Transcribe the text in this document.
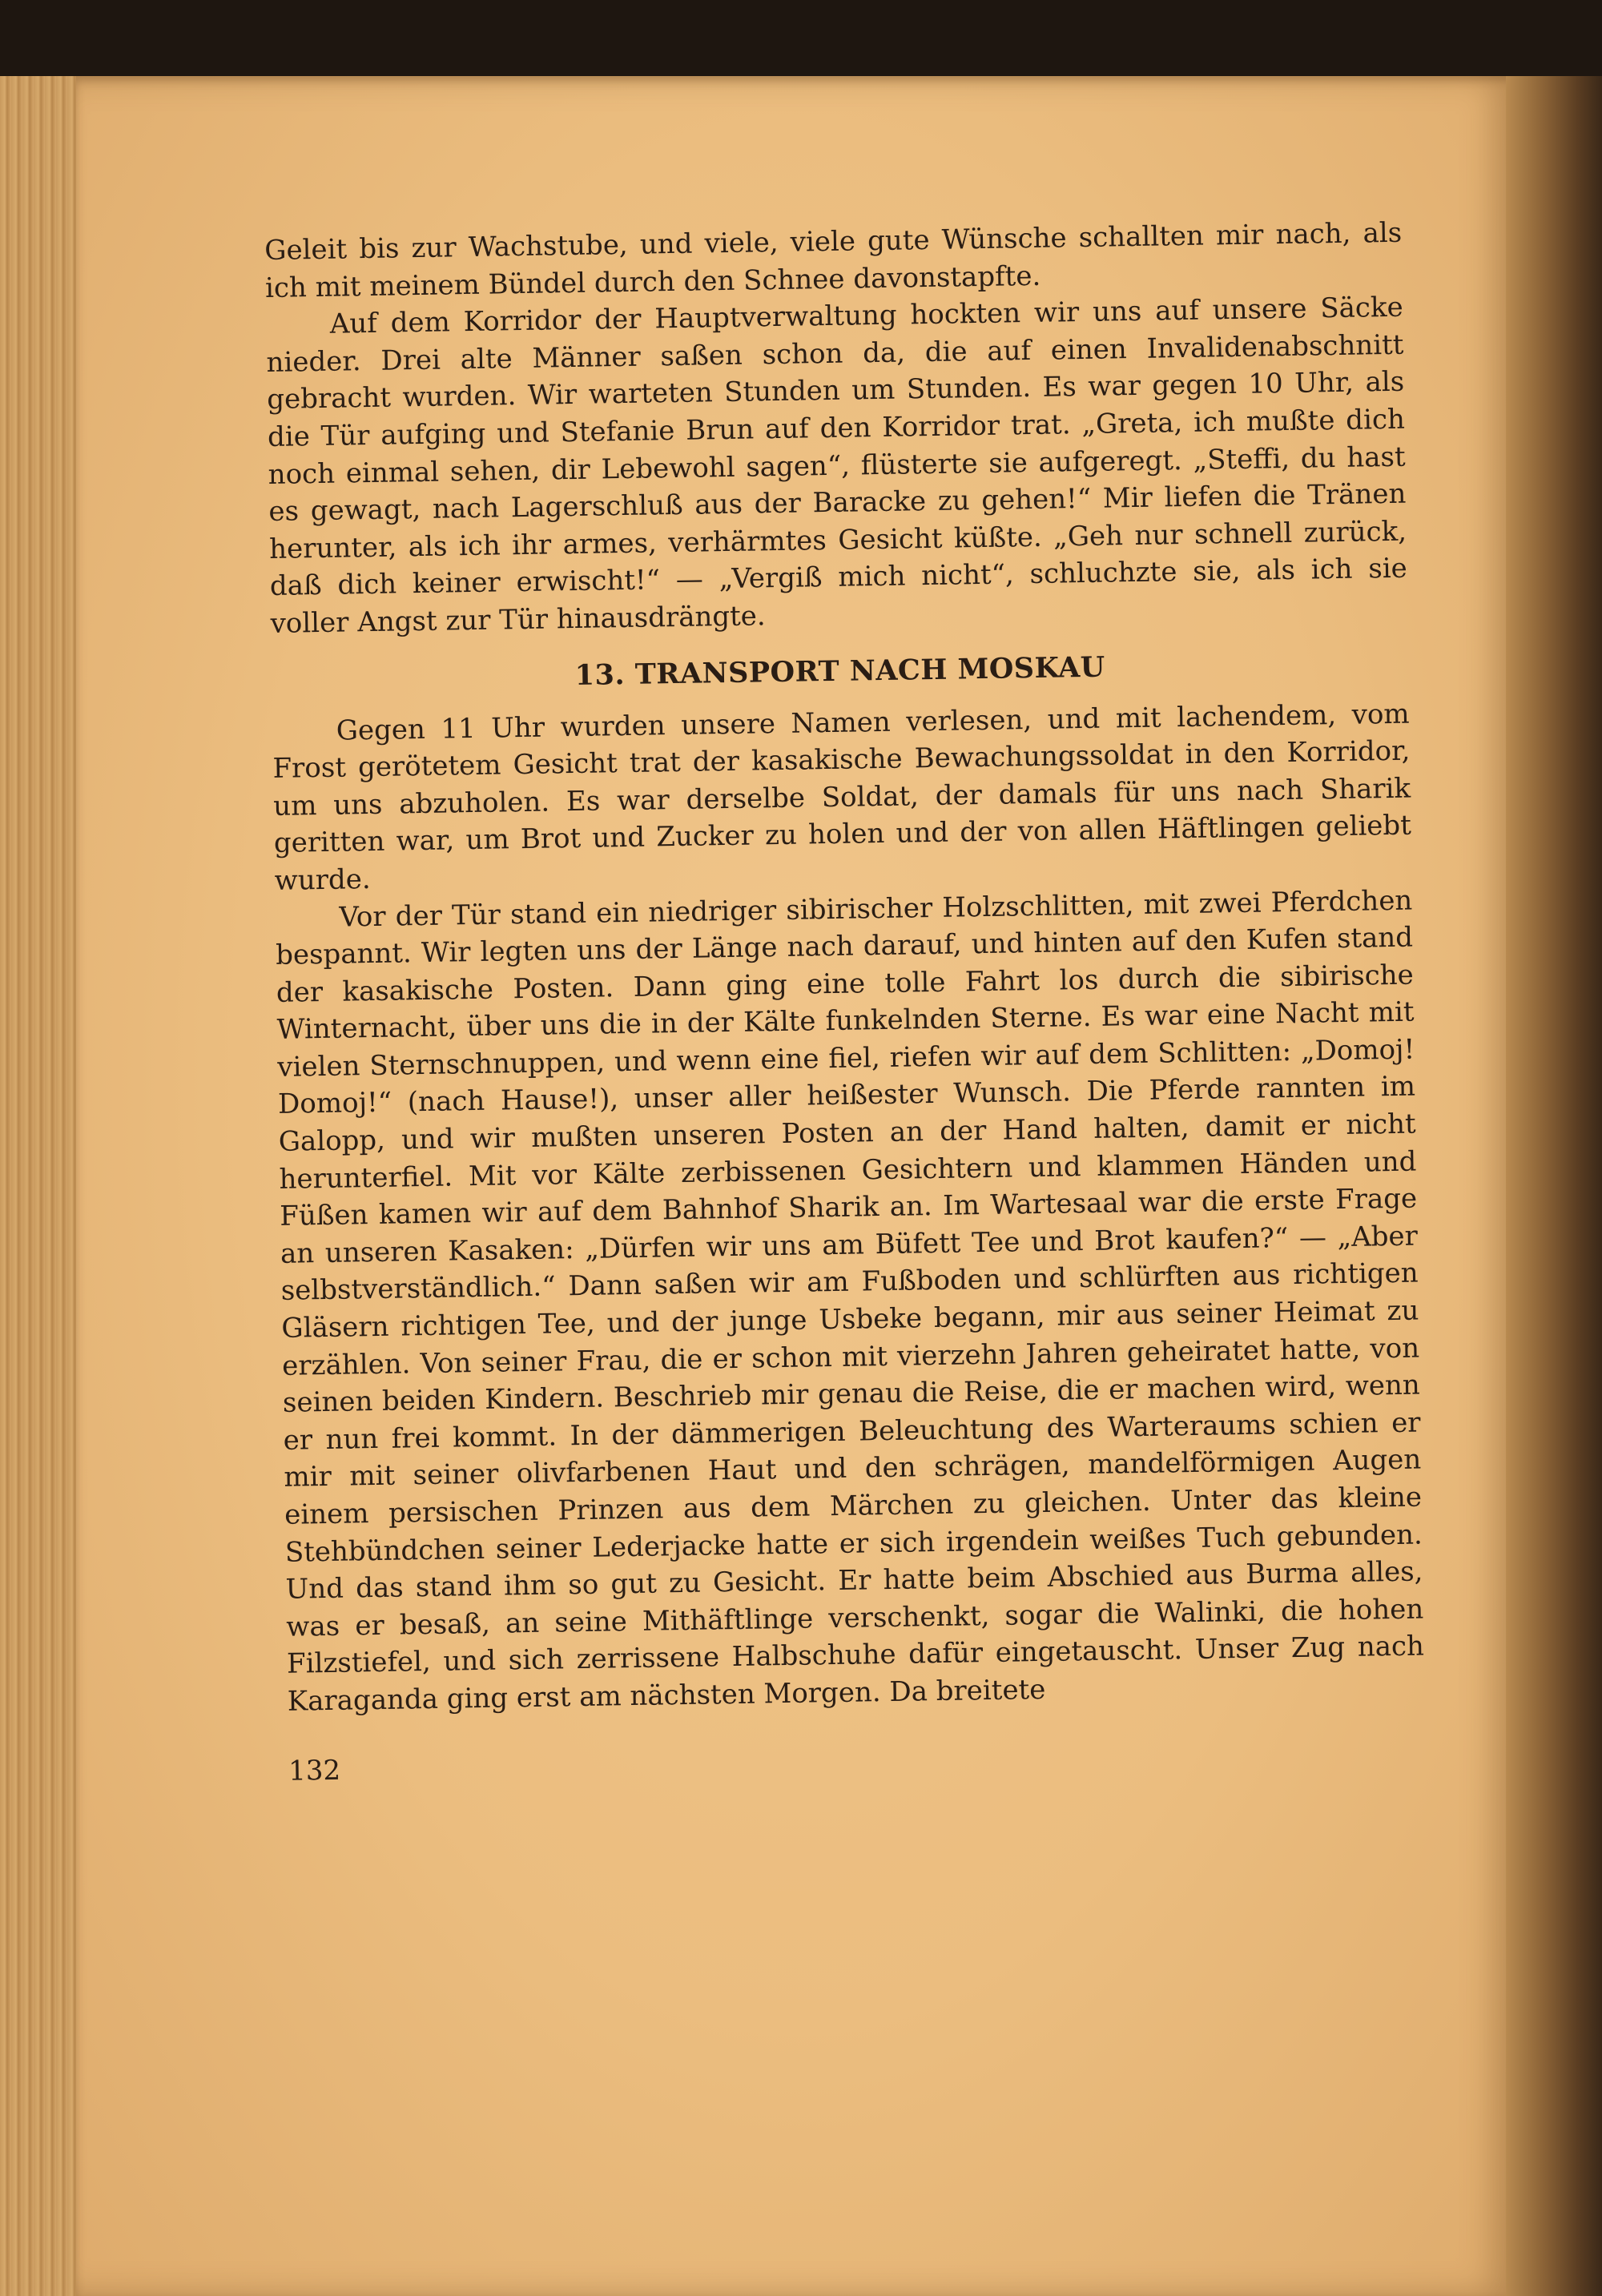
Geleit bis zur Wachstube, und viele, viele gute Wünsche schallten mir nach, als ich mit meinem Bündel durch den Schnee davonstapfte.

Auf dem Korridor der Hauptverwaltung hockten wir uns auf unsere Säcke nieder. Drei alte Männer saßen schon da, die auf einen Invalidenabschnitt gebracht wurden. Wir warteten Stunden um Stunden. Es war gegen 10 Uhr, als die Tür aufging und Stefanie Brun auf den Korridor trat. „Greta, ich mußte dich noch einmal sehen, dir Lebewohl sagen“, flüsterte sie aufgeregt. „Steffi, du hast es gewagt, nach Lagerschluß aus der Baracke zu gehen!“ Mir liefen die Tränen herunter, als ich ihr armes, verhärmtes Gesicht küßte. „Geh nur schnell zurück, daß dich keiner erwischt!“ — „Vergiß mich nicht“, schluchzte sie, als ich sie voller Angst zur Tür hinausdrängte.

13. TRANSPORT NACH MOSKAU

Gegen 11 Uhr wurden unsere Namen verlesen, und mit lachendem, vom Frost gerötetem Gesicht trat der kasakische Bewachungssoldat in den Korridor, um uns abzuholen. Es war derselbe Soldat, der damals für uns nach Sharik geritten war, um Brot und Zucker zu holen und der von allen Häftlingen geliebt wurde.

Vor der Tür stand ein niedriger sibirischer Holzschlitten, mit zwei Pferdchen bespannt. Wir legten uns der Länge nach darauf, und hinten auf den Kufen stand der kasakische Posten. Dann ging eine tolle Fahrt los durch die sibirische Winternacht, über uns die in der Kälte funkelnden Sterne. Es war eine Nacht mit vielen Sternschnuppen, und wenn eine fiel, riefen wir auf dem Schlitten: „Domoj! Domoj!“ (nach Hause!), unser aller heißester Wunsch. Die Pferde rannten im Galopp, und wir mußten unseren Posten an der Hand halten, damit er nicht herunterfiel. Mit vor Kälte zerbissenen Gesichtern und klammen Händen und Füßen kamen wir auf dem Bahnhof Sharik an. Im Wartesaal war die erste Frage an unseren Kasaken: „Dürfen wir uns am Büfett Tee und Brot kaufen?“ — „Aber selbstverständlich.“ Dann saßen wir am Fußboden und schlürften aus richtigen Gläsern richtigen Tee, und der junge Usbeke begann, mir aus seiner Heimat zu erzählen. Von seiner Frau, die er schon mit vierzehn Jahren geheiratet hatte, von seinen beiden Kindern. Beschrieb mir genau die Reise, die er machen wird, wenn er nun frei kommt. In der dämmerigen Beleuchtung des Warteraums schien er mir mit seiner olivfarbenen Haut und den schrägen, mandelförmigen Augen einem persischen Prinzen aus dem Märchen zu gleichen. Unter das kleine Stehbündchen seiner Lederjacke hatte er sich irgendein weißes Tuch gebunden. Und das stand ihm so gut zu Gesicht. Er hatte beim Abschied aus Burma alles, was er besaß, an seine Mithäftlinge verschenkt, sogar die Walinki, die hohen Filzstiefel, und sich zerrissene Halbschuhe dafür eingetauscht. Unser Zug nach Karaganda ging erst am nächsten Morgen. Da breitete

132
